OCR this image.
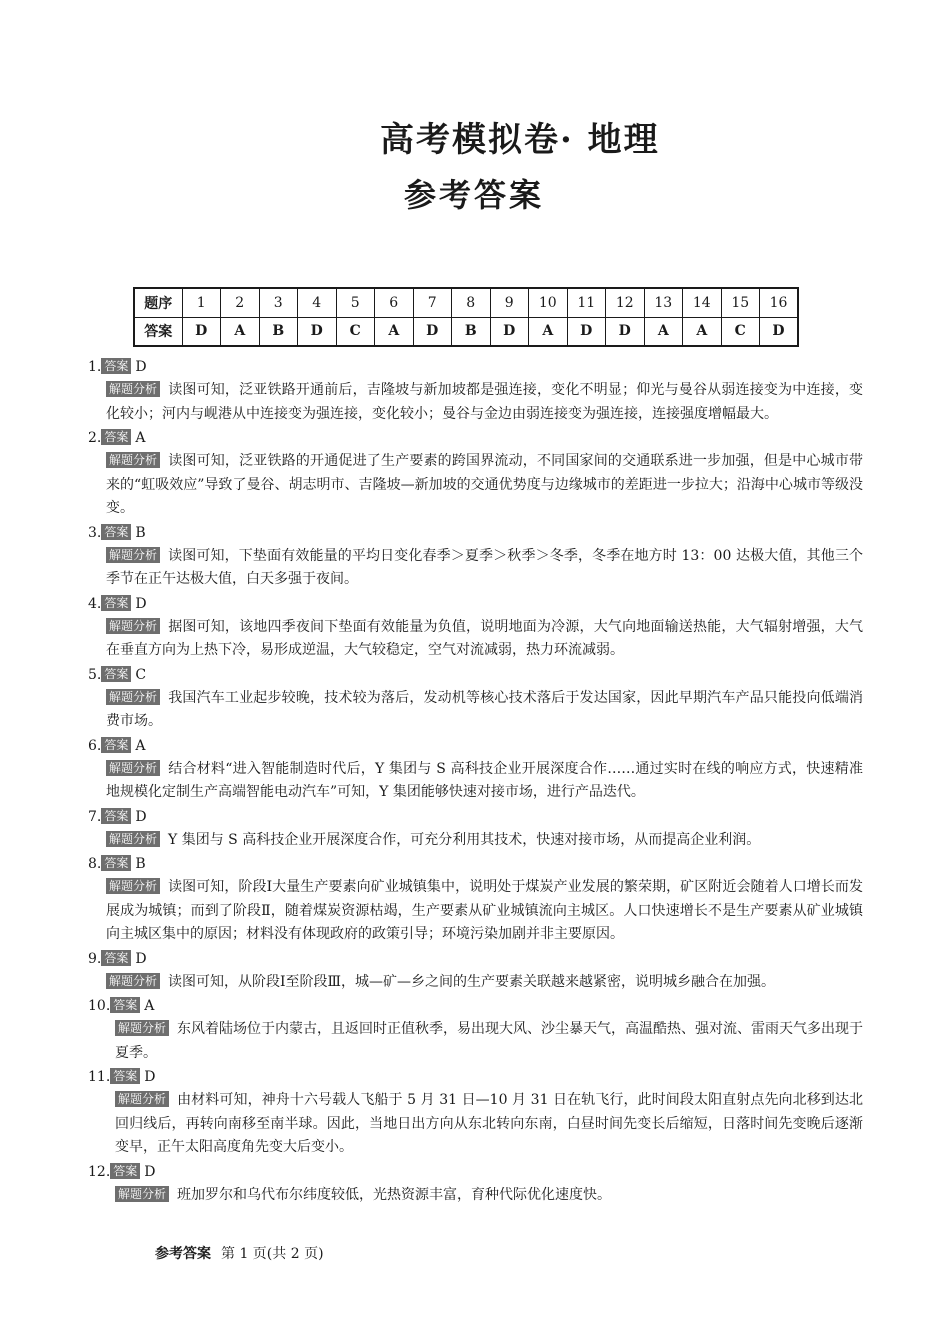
高考模拟卷· 地理
参考答案
题序	1	2	3	4	5	6	7	8	9	10	11	12	13	14	15	16
答案	D	A	B	D	C	A	D	B	D	A	D	D	A	A	C	D
1. 答案 D
解题分析 读图可知，泛亚铁路开通前后，吉隆坡与新加坡都是强连接，变化不明显；仰光与曼谷从弱连接变为中连接，变化较小；河内与岘港从中连接变为强连接，变化较小；曼谷与金边由弱连接变为强连接，连接强度增幅最大。
2. 答案 A
解题分析 读图可知，泛亚铁路的开通促进了生产要素的跨国界流动，不同国家间的交通联系进一步加强，但是中心城市带来的“虹吸效应”导致了曼谷、胡志明市、吉隆坡—新加坡的交通优势度与边缘城市的差距进一步拉大；沿海中心城市等级没变。
3. 答案 B
解题分析 读图可知，下垫面有效能量的平均日变化春季＞夏季＞秋季＞冬季，冬季在地方时 13：00 达极大值，其他三个季节在正午达极大值，白天多强于夜间。
4. 答案 D
解题分析 据图可知，该地四季夜间下垫面有效能量为负值，说明地面为冷源，大气向地面输送热能，大气辐射增强，大气在垂直方向为上热下冷，易形成逆温，大气较稳定，空气对流减弱，热力环流减弱。
5. 答案 C
解题分析 我国汽车工业起步较晚，技术较为落后，发动机等核心技术落后于发达国家，因此早期汽车产品只能投向低端消费市场。
6. 答案 A
解题分析 结合材料“进入智能制造时代后，Y 集团与 S 高科技企业开展深度合作……通过实时在线的响应方式，快速精准地规模化定制生产高端智能电动汽车”可知，Y 集团能够快速对接市场，进行产品迭代。
7. 答案 D
解题分析 Y 集团与 S 高科技企业开展深度合作，可充分利用其技术，快速对接市场，从而提高企业利润。
8. 答案 B
解题分析 读图可知，阶段Ⅰ大量生产要素向矿业城镇集中，说明处于煤炭产业发展的繁荣期，矿区附近会随着人口增长而发展成为城镇；而到了阶段Ⅱ，随着煤炭资源枯竭，生产要素从矿业城镇流向主城区。人口快速增长不是生产要素从矿业城镇向主城区集中的原因；材料没有体现政府的政策引导；环境污染加剧并非主要原因。
9. 答案 D
解题分析 读图可知，从阶段Ⅰ至阶段Ⅲ，城—矿—乡之间的生产要素关联越来越紧密，说明城乡融合在加强。
10. 答案 A
解题分析 东风着陆场位于内蒙古，且返回时正值秋季，易出现大风、沙尘暴天气，高温酷热、强对流、雷雨天气多出现于夏季。
11. 答案 D
解题分析 由材料可知，神舟十六号载人飞船于 5 月 31 日—10 月 31 日在轨飞行，此时间段太阳直射点先向北移到达北回归线后，再转向南移至南半球。因此，当地日出方向从东北转向东南，白昼时间先变长后缩短，日落时间先变晚后逐渐变早，正午太阳高度角先变大后变小。
12. 答案 D
解题分析 班加罗尔和乌代布尔纬度较低，光热资源丰富，育种代际优化速度快。
参考答案 第 1 页(共 2 页)
